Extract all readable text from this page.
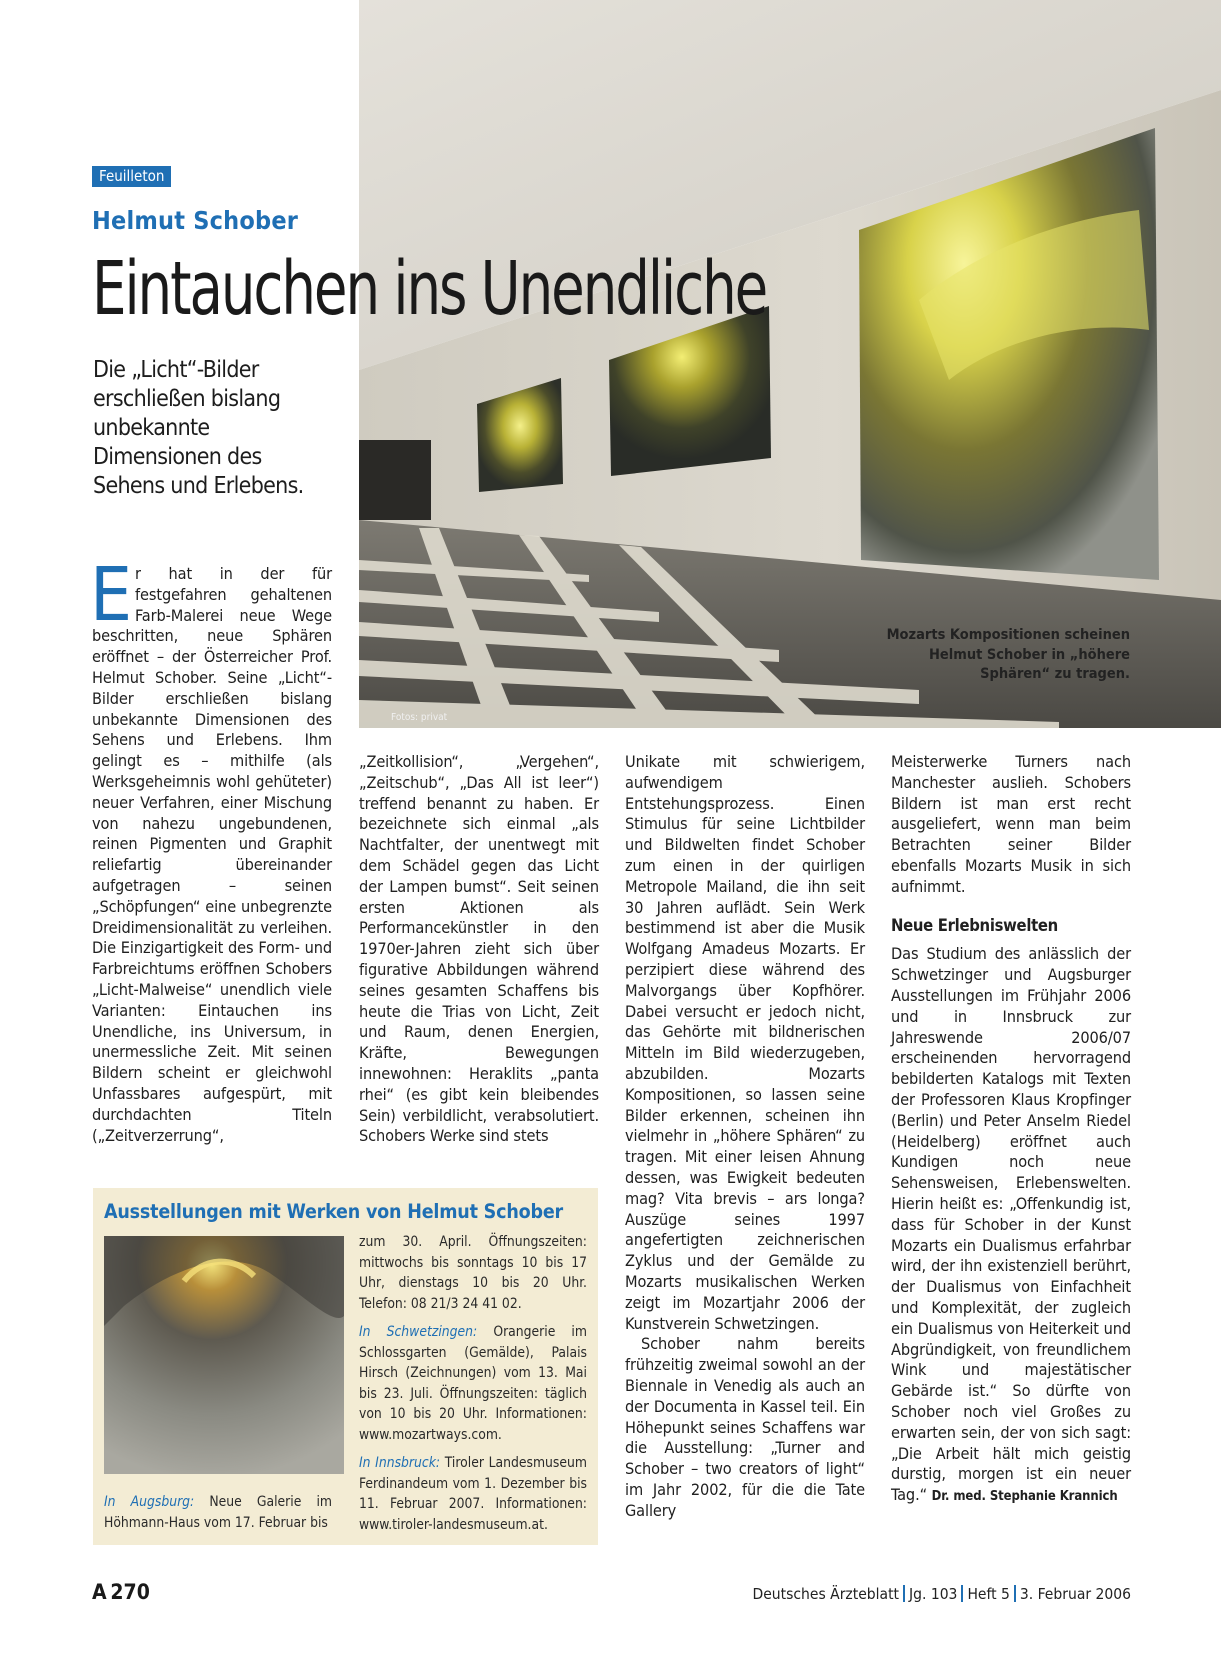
Fotos: privat
Mozarts Kompositionen scheinen Helmut Schober in „höhere Sphären“ zu tragen.
Feuilleton
Helmut Schober
Eintauchen ins Unendliche
Die „Licht“-Bilder erschließen bislang unbekannte Dimensionen des Sehens und Erlebens.

Er hat in der für festgefahren gehaltenen Farb-Malerei neue Wege beschritten, neue Sphären eröffnet – der Österreicher Prof. Helmut Schober. Seine „Licht“-Bilder erschließen bislang unbekannte Dimensionen des Sehens und Erlebens. Ihm gelingt es – mithilfe (als Werksgeheimnis wohl gehüteter) neuer Verfahren, einer Mischung von nahezu ungebundenen, reinen Pigmenten und Graphit reliefartig übereinander aufgetragen – seinen „Schöpfungen“ eine unbegrenzte Dreidimensionalität zu verleihen. Die Einzigartigkeit des Form- und Farbreichtums eröffnen Schobers „Licht-Malweise“ unendlich viele Varianten: Eintauchen ins Unendliche, ins Universum, in unermessliche Zeit. Mit seinen Bildern scheint er gleichwohl Unfassbares aufgespürt, mit durchdachten Titeln („Zeitverzerrung“,

„Zeitkollision“, „Vergehen“, „Zeitschub“, „Das All ist leer“) treffend benannt zu haben. Er bezeichnete sich einmal „als Nachtfalter, der unentwegt mit dem Schädel gegen das Licht der Lampen bumst“. Seit seinen ersten Aktionen als Performancekünstler in den 1970er-Jahren zieht sich über figurative Abbildungen während seines gesamten Schaffens bis heute die Trias von Licht, Zeit und Raum, denen Energien, Kräfte, Bewegungen innewohnen: Heraklits „panta rhei“ (es gibt kein bleibendes Sein) verbildlicht, verabsolutiert. Schobers Werke sind stets

Unikate mit schwierigem, aufwendigem Entstehungsprozess. Einen Stimulus für seine Lichtbilder und Bildwelten findet Schober zum einen in der quirligen Metropole Mailand, die ihn seit 30 Jahren auflädt. Sein Werk bestimmend ist aber die Musik Wolfgang Amadeus Mozarts. Er perzipiert diese während des Malvorgangs über Kopfhörer. Dabei versucht er jedoch nicht, das Gehörte mit bildnerischen Mitteln im Bild wiederzugeben, abzubilden. Mozarts Kompositionen, so lassen seine Bilder erkennen, scheinen ihn vielmehr in „höhere Sphären“ zu tragen. Mit einer leisen Ahnung dessen, was Ewigkeit bedeuten mag? Vita brevis – ars longa? Auszüge seines 1997 angefertigten zeichnerischen Zyklus und der Gemälde zu Mozarts musikalischen Werken zeigt im Mozartjahr 2006 der Kunstverein Schwetzingen.

Schober nahm bereits frühzeitig zweimal sowohl an der Biennale in Venedig als auch an der Documenta in Kassel teil. Ein Höhepunkt seines Schaffens war die Ausstellung: „Turner and Schober – two creators of light“ im Jahr 2002, für die die Tate Gallery

Meisterwerke Turners nach Manchester auslieh. Schobers Bildern ist man erst recht ausgeliefert, wenn man beim Betrachten seiner Bilder ebenfalls Mozarts Musik in sich aufnimmt.

Neue Erlebniswelten

Das Studium des anlässlich der Schwetzinger und Augsburger Ausstellungen im Frühjahr 2006 und in Innsbruck zur Jahreswende 2006/07 erscheinenden hervorragend bebilderten Katalogs mit Texten der Professoren Klaus Kropfinger (Berlin) und Peter Anselm Riedel (Heidelberg) eröffnet auch Kundigen noch neue Sehensweisen, Erlebenswelten. Hierin heißt es: „Offenkundig ist, dass für Schober in der Kunst Mozarts ein Dualismus erfahrbar wird, der ihn existenziell berührt, der Dualismus von Einfachheit und Komplexität, der zugleich ein Dualismus von Heiterkeit und Abgründigkeit, von freundlichem Wink und majestätischer Gebärde ist.“ So dürfte von Schober noch viel Großes zu erwarten sein, der von sich sagt: „Die Arbeit hält mich geistig durstig, morgen ist ein neuer Tag.“ Dr. med. Stephanie Krannich

Ausstellungen mit Werken von Helmut Schober

In Augsburg: Neue Galerie im Höhmann-Haus vom 17. Februar bis

zum 30. April. Öffnungszeiten: mittwochs bis sonntags 10 bis 17 Uhr, dienstags 10 bis 20 Uhr. Telefon: 08 21/3 24 41 02.

In Schwetzingen: Orangerie im Schlossgarten (Gemälde), Palais Hirsch (Zeichnungen) vom 13. Mai bis 23. Juli. Öffnungszeiten: täglich von 10 bis 20 Uhr. Informationen: www.mozartways.com.

In Innsbruck: Tiroler Landesmuseum Ferdinandeum vom 1. Dezember bis 11. Februar 2007. Informationen: www.tiroler-landesmuseum.at.

A  270	Deutsches Ärzteblatt Jg. 103 Heft 5 3. Februar 2006
